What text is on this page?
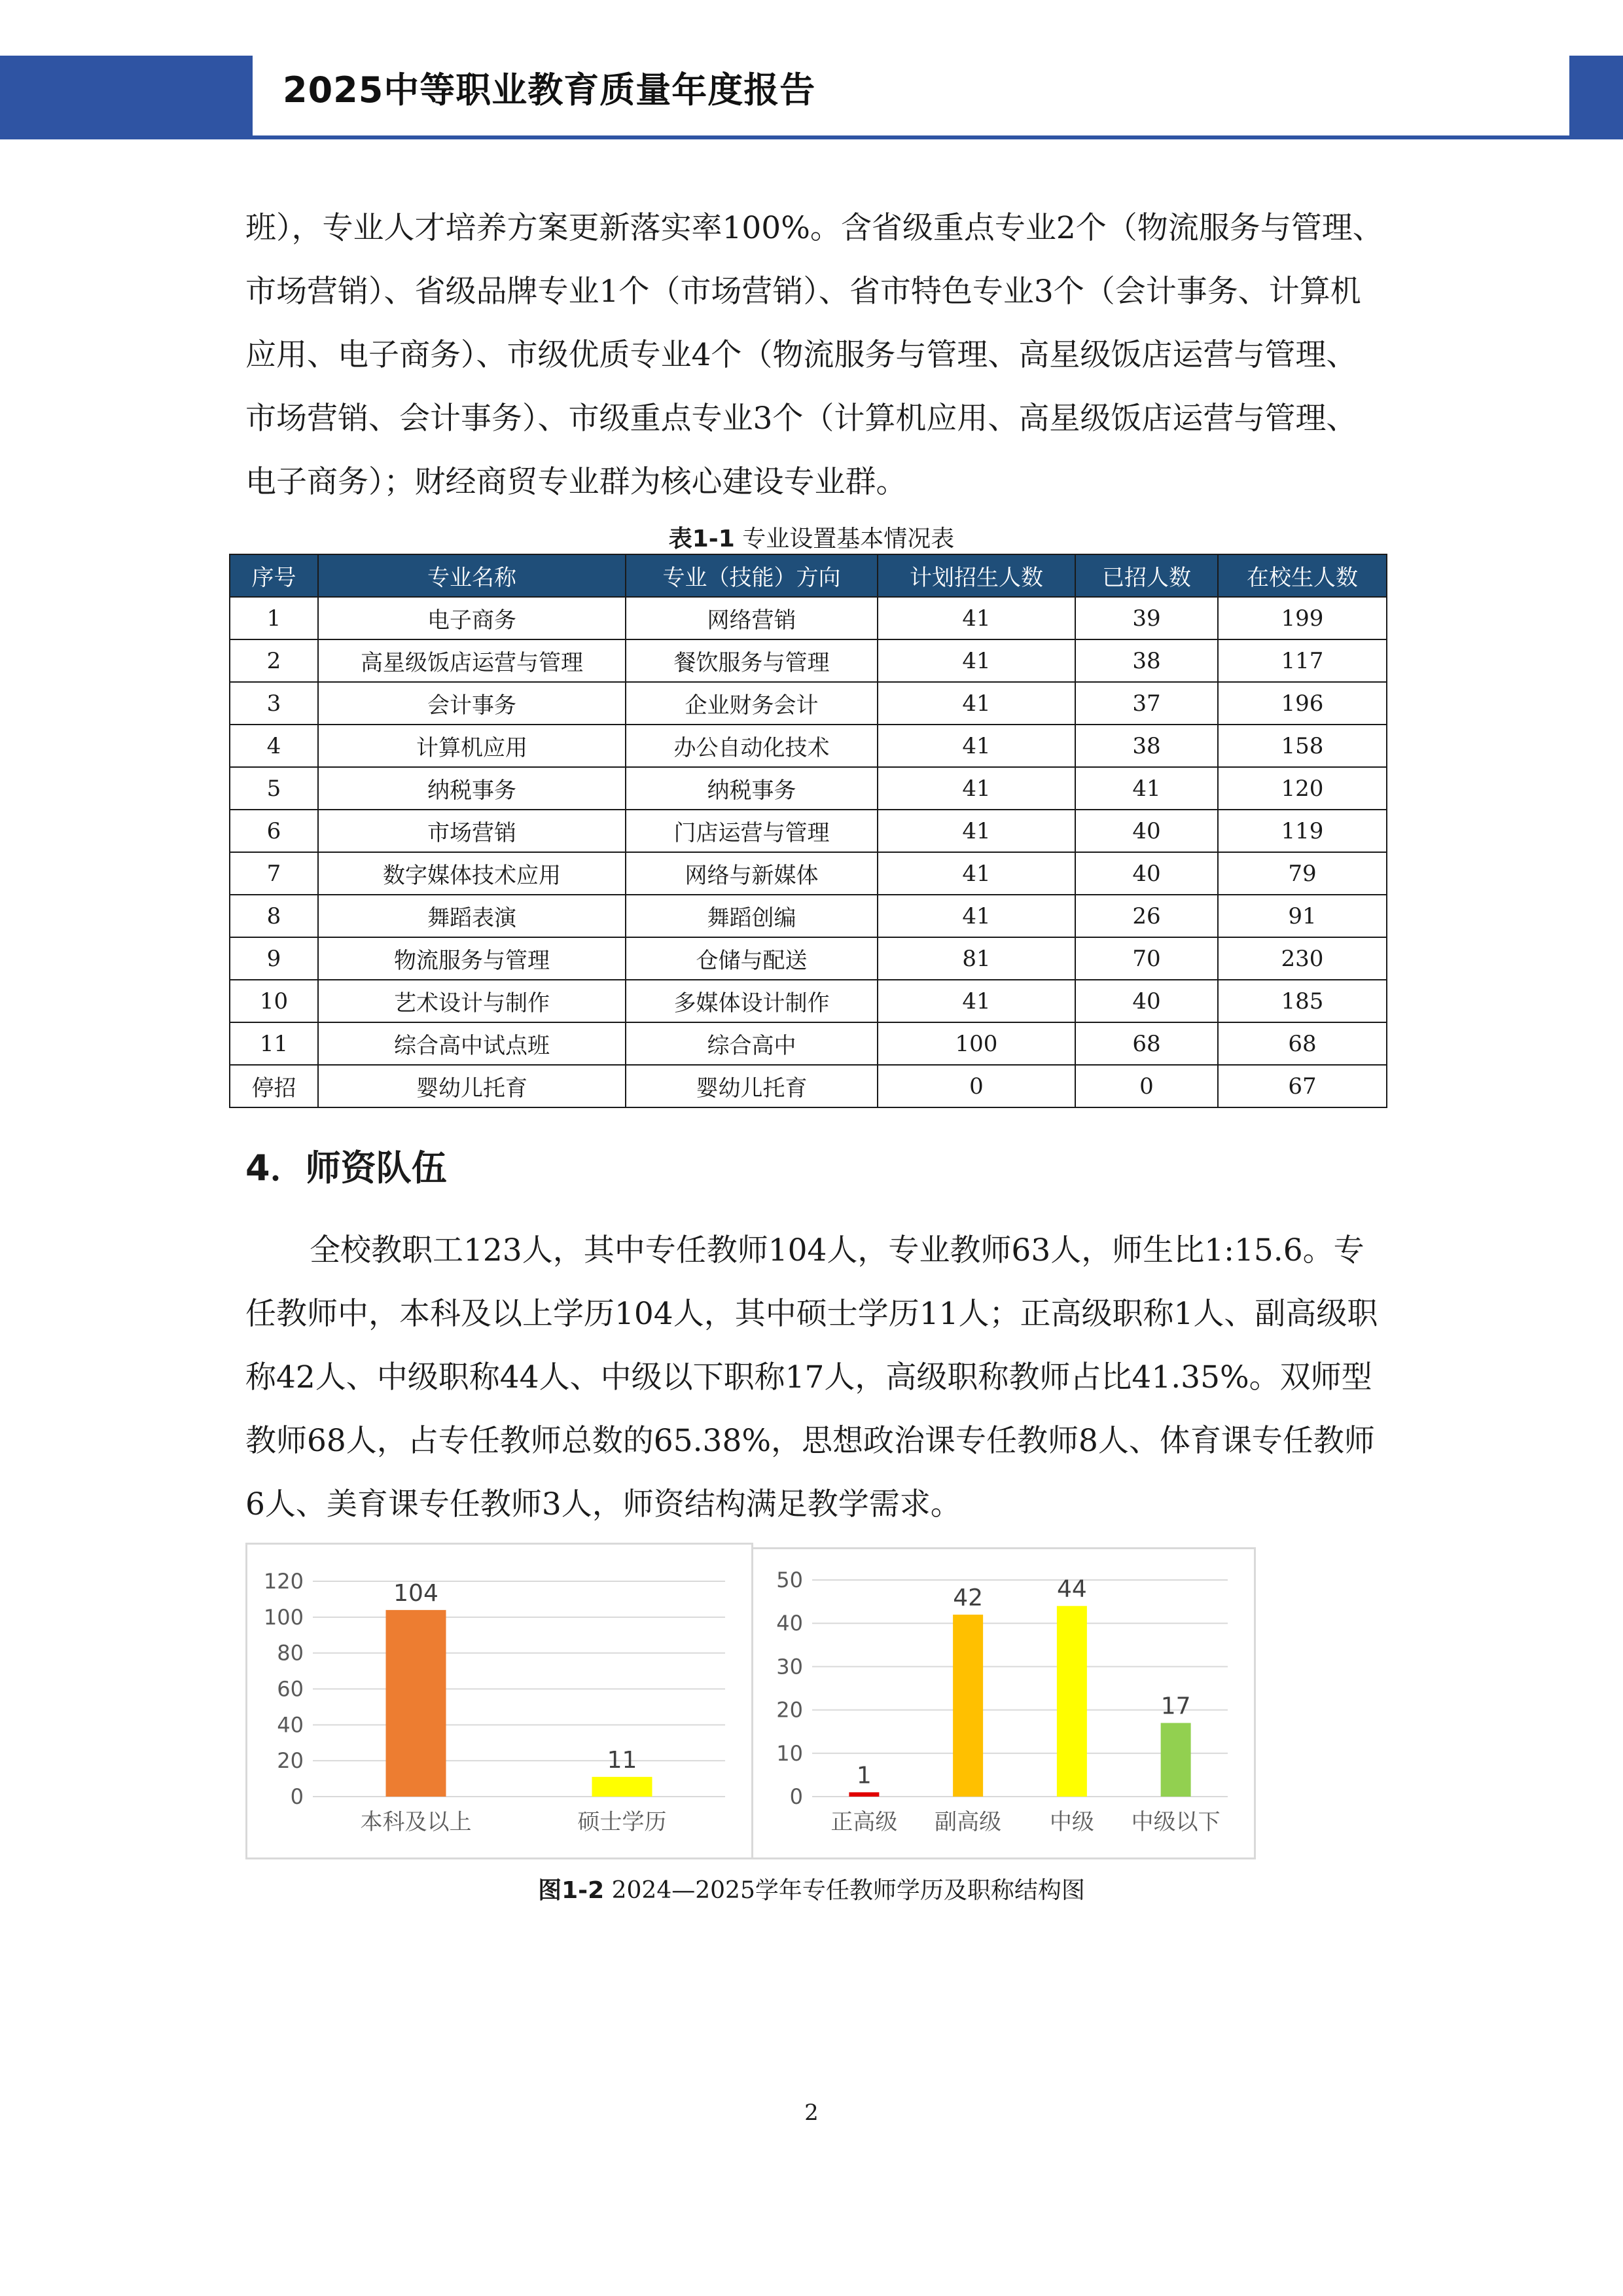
2025中等职业教育质量年度报告

班），专业人才培养方案更新落实率100%。含省级重点专业2个（物流服务与管理、市场营销）、省级品牌专业1个（市场营销）、省市特色专业3个（会计事务、计算机应用、电子商务）、市级优质专业4个（物流服务与管理、高星级饭店运营与管理、市场营销、会计事务）、市级重点专业3个（计算机应用、高星级饭店运营与管理、电子商务）；财经商贸专业群为核心建设专业群。

表1-1 专业设置基本情况表

序号	专业名称	专业（技能）方向	计划招生人数	已招人数	在校生人数
1	电子商务	网络营销	41	39	199
2	高星级饭店运营与管理	餐饮服务与管理	41	38	117
3	会计事务	企业财务会计	41	37	196
4	计算机应用	办公自动化技术	41	38	158
5	纳税事务	纳税事务	41	41	120
6	市场营销	门店运营与管理	41	40	119
7	数字媒体技术应用	网络与新媒体	41	40	79
8	舞蹈表演	舞蹈创编	41	26	91
9	物流服务与管理	仓储与配送	81	70	230
10	艺术设计与制作	多媒体设计制作	41	40	185
11	综合高中试点班	综合高中	100	68	68
停招	婴幼儿托育	婴幼儿托育	0	0	67
4．师资队伍

全校教职工123人，其中专任教师104人，专业教师63人，师生比1:15.6。专任教师中，本科及以上学历104人，其中硕士学历11人；正高级职称1人、副高级职称42人、中级职称44人、中级以下职称17人，高级职称教师占比41.35%。双师型教师68人，占专任教师总数的65.38%，思想政治课专任教师8人、体育课专任教师6人、美育课专任教师3人，师资结构满足教学需求。

0
20
40
60
80
100
120	104
本科及以上
11
硕士学历
0
10
20
30
40
50
1
正高级
42
副高级
44
中级
17
中级以下

图1-2 2024—2025学年专任教师学历及职称结构图

2
